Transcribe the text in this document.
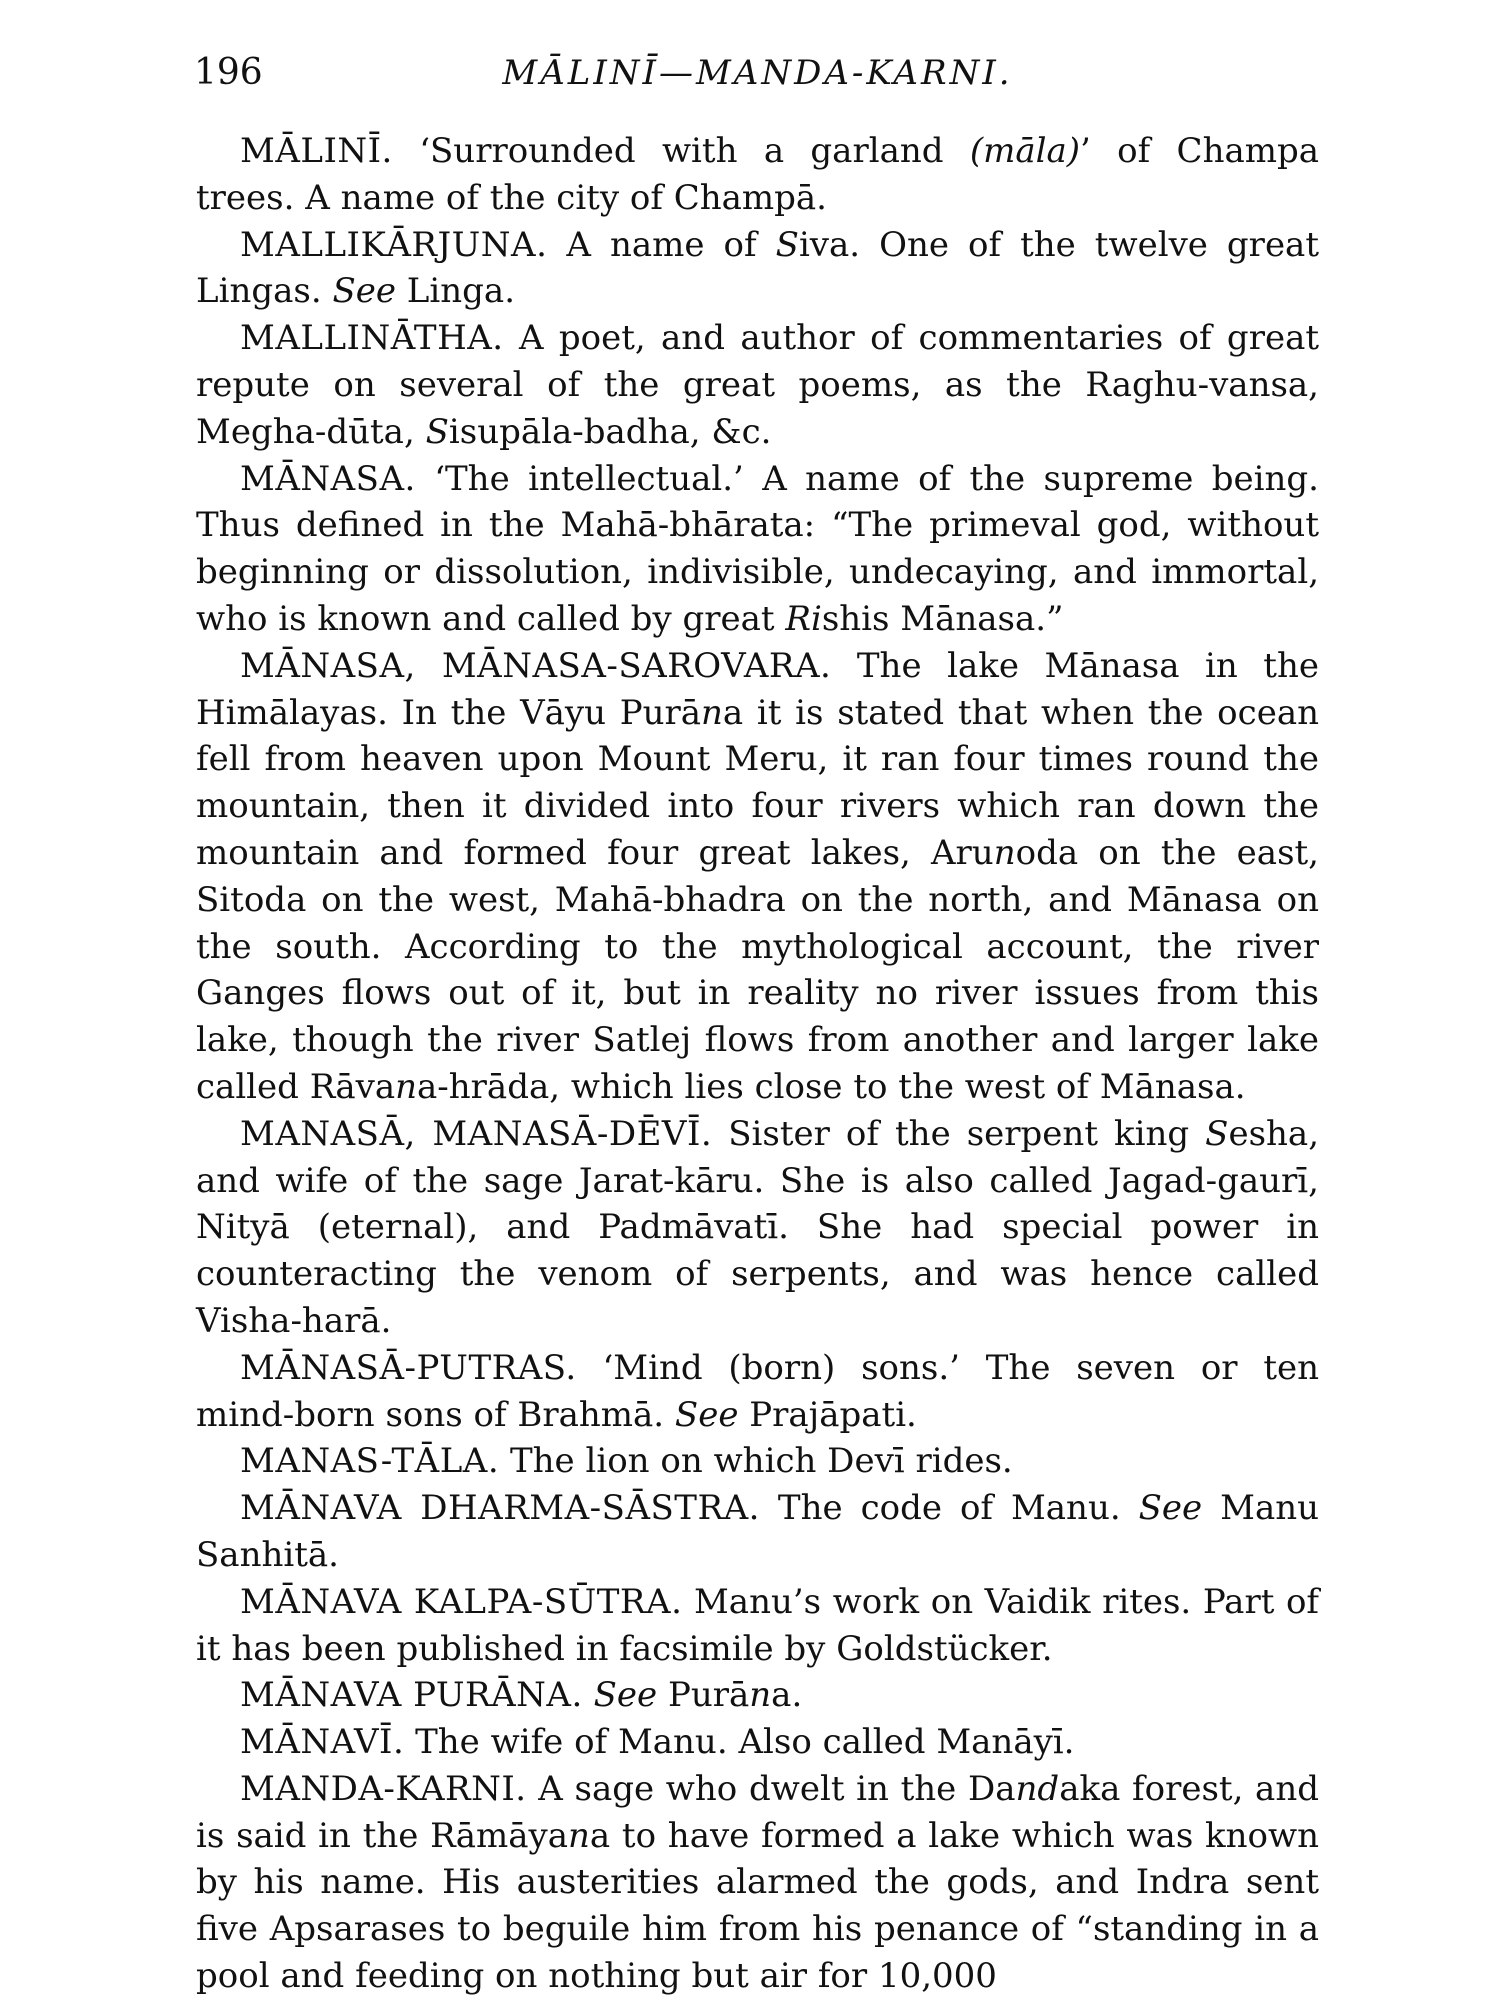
196	MĀLINĪ—MANDA-KARNI.

MĀLINĪ. ‘Surrounded with a garland (māla)’ of Champa trees. A name of the city of Champā.

MALLIKĀRJUNA. A name of Siva. One of the twelve great Lingas. See Linga.

MALLINĀTHA. A poet, and author of commentaries of great repute on several of the great poems, as the Raghu-vansa, Megha-dūta, Sisupāla-badha, &c.

MĀNASA. ‘The intellectual.’ A name of the supreme being. Thus defined in the Mahā-bhārata: “The primeval god, without beginning or dissolution, indivisible, undecaying, and immortal, who is known and called by great Rishis Mānasa.”

MĀNASA, MĀNASA-SAROVARA. The lake Mānasa in the Himālayas. In the Vāyu Purāna it is stated that when the ocean fell from heaven upon Mount Meru, it ran four times round the mountain, then it divided into four rivers which ran down the mountain and formed four great lakes, Arunoda on the east, Sitoda on the west, Mahā-bhadra on the north, and Mānasa on the south. According to the mythological account, the river Ganges flows out of it, but in reality no river issues from this lake, though the river Satlej flows from another and larger lake called Rāvana-hrāda, which lies close to the west of Mānasa.

MANASĀ, MANASĀ-DĒVĪ. Sister of the serpent king Sesha, and wife of the sage Jarat-kāru. She is also called Jagad-gaurī, Nityā (eternal), and Padmāvatī. She had special power in counteracting the venom of serpents, and was hence called Visha-harā.

MĀNASĀ-PUTRAS. ‘Mind (born) sons.’ The seven or ten mind-born sons of Brahmā. See Prajāpati.

MANAS-TĀLA. The lion on which Devī rides.

MĀNAVA DHARMA-SĀSTRA. The code of Manu. See Manu Sanhitā.

MĀNAVA KALPA-SŪTRA. Manu’s work on Vaidik rites. Part of it has been published in facsimile by Goldstücker.

MĀNAVA PURĀNA. See Purāna.

MĀNAVĪ. The wife of Manu. Also called Manāyī.

MANDA-KARNI. A sage who dwelt in the Dandaka forest, and is said in the Rāmāyana to have formed a lake which was known by his name. His austerities alarmed the gods, and Indra sent five Apsarases to beguile him from his penance of “standing in a pool and feeding on nothing but air for 10,000
